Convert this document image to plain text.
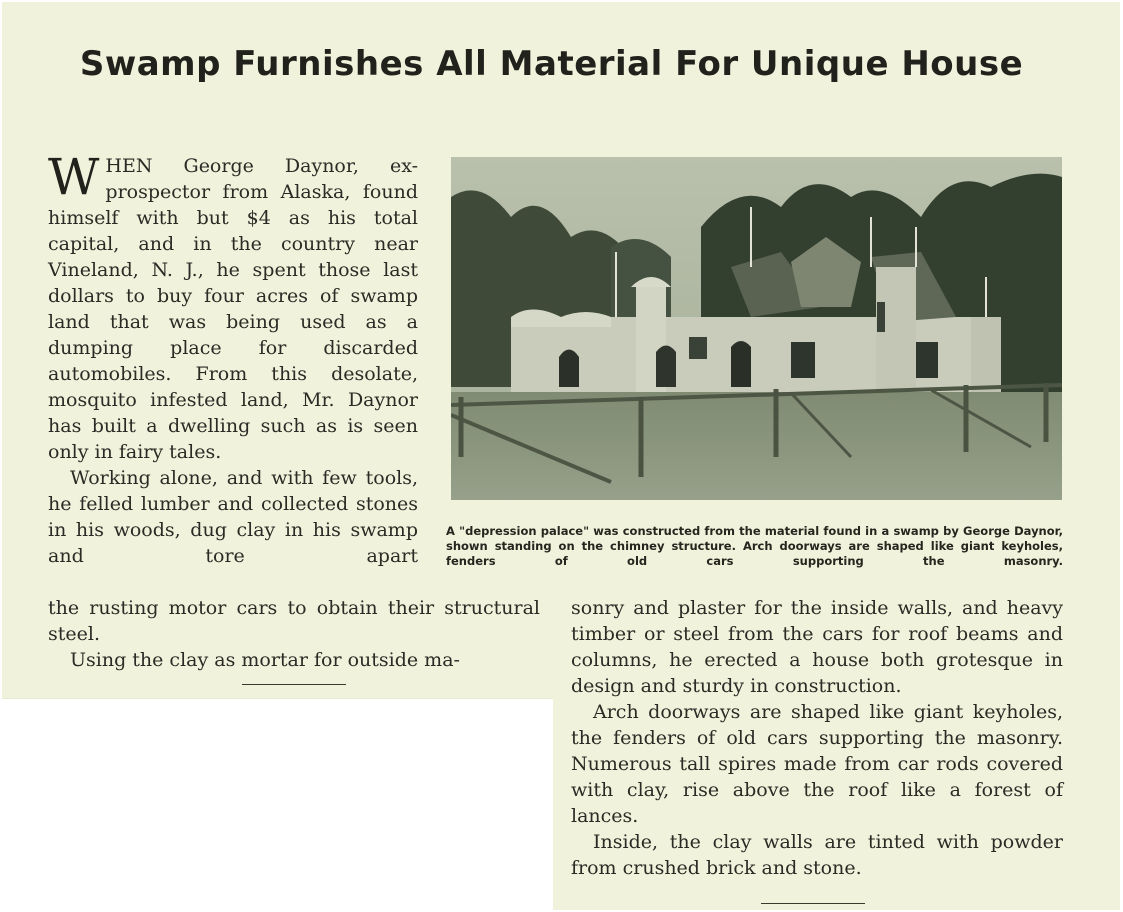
Swamp Furnishes All Material For Unique House

WHEN George Daynor, ex-prospector from Alaska, found himself with but $4 as his total capital, and in the country near Vineland, N. J., he spent those last dollars to buy four acres of swamp land that was being used as a dumping place for discarded automobiles. From this desolate, mosquito infested land, Mr. Daynor has built a dwelling such as is seen only in fairy tales.

Working alone, and with few tools, he felled lumber and collected stones in his woods, dug clay in his swamp and tore apart

the rusting motor cars to obtain their structural steel.

Using the clay as mortar for outside ma-

A "depression palace" was constructed from the material found in a swamp by George Daynor, shown standing on the chimney structure. Arch doorways are shaped like giant keyholes, fenders of old cars supporting the masonry.

sonry and plaster for the inside walls, and heavy timber or steel from the cars for roof beams and columns, he erected a house both grotesque in design and sturdy in construction.

Arch doorways are shaped like giant keyholes, the fenders of old cars supporting the masonry. Numerous tall spires made from car rods covered with clay, rise above the roof like a forest of lances.

Inside, the clay walls are tinted with powder from crushed brick and stone.
